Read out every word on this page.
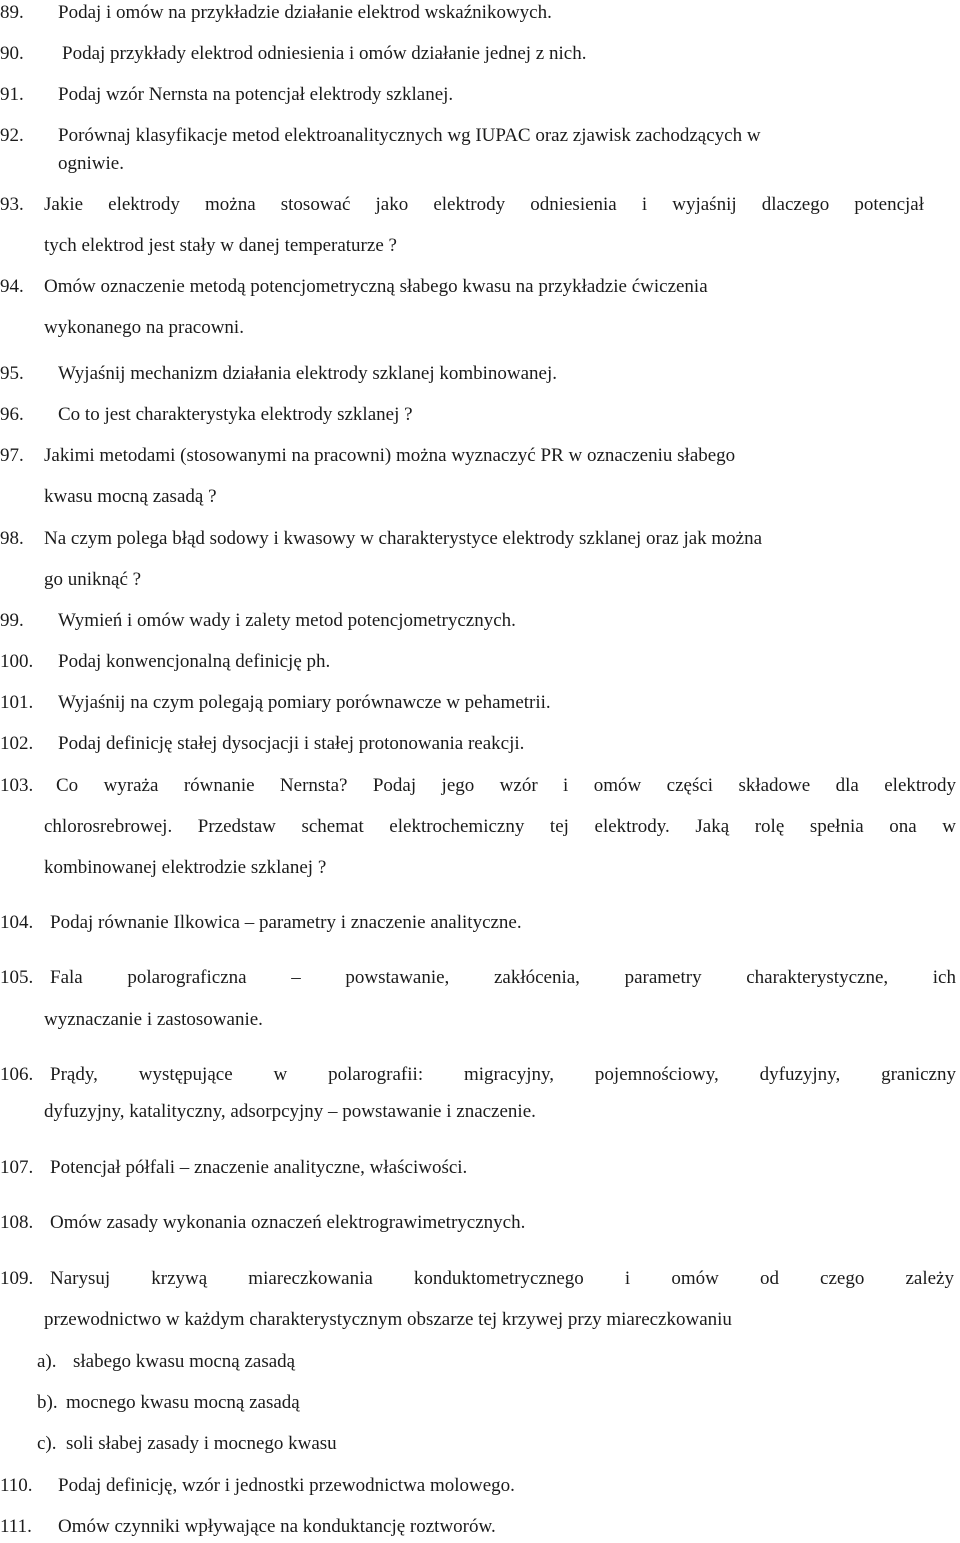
89. Podaj i omów na przykładzie działanie elektrod wskaźnikowych.
90. Podaj przykłady elektrod odniesienia i omów działanie jednej z nich.
91. Podaj wzór Nernsta na potencjał elektrody szklanej.
92. Porównaj klasyfikacje metod elektroanalitycznych wg IUPAC oraz zjawisk zachodzących w
ogniwie.
93. Jakie elektrody można stosować jako elektrody odniesienia i wyjaśnij dlaczego potencjał
tych elektrod jest stały w danej temperaturze ?
94. Omów oznaczenie metodą potencjometryczną słabego kwasu na przykładzie ćwiczenia
wykonanego na pracowni.
95. Wyjaśnij mechanizm działania elektrody szklanej kombinowanej.
96. Co to jest charakterystyka elektrody szklanej ?
97. Jakimi metodami (stosowanymi na pracowni) można wyznaczyć PR w oznaczeniu słabego
kwasu mocną zasadą ?
98. Na czym polega błąd sodowy i kwasowy w charakterystyce elektrody szklanej oraz jak można
go uniknąć ?
99. Wymień i omów wady i zalety metod potencjometrycznych.
100. Podaj konwencjonalną definicję ph.
101. Wyjaśnij na czym polegają pomiary porównawcze w pehametrii.
102. Podaj definicję stałej dysocjacji i stałej protonowania reakcji.
103. Co wyraża równanie Nernsta? Podaj jego wzór i omów części składowe dla elektrody
chlorosrebrowej. Przedstaw schemat elektrochemiczny tej elektrody. Jaką rolę spełnia ona w
kombinowanej elektrodzie szklanej ?
104. Podaj równanie Ilkowica – parametry i znaczenie analityczne.
105. Fala polarograficzna – powstawanie, zakłócenia, parametry charakterystyczne, ich
wyznaczanie i zastosowanie.
106. Prądy, występujące w polarografii: migracyjny, pojemnościowy, dyfuzyjny, graniczny
dyfuzyjny, katalityczny, adsorpcyjny – powstawanie i znaczenie.
107. Potencjał półfali – znaczenie analityczne, właściwości.
108. Omów zasady wykonania oznaczeń elektrograwimetrycznych.
109. Narysuj krzywą miareczkowania konduktometrycznego i omów od czego zależy
przewodnictwo w każdym charakterystycznym obszarze tej krzywej przy miareczkowaniu
a). słabego kwasu mocną zasadą
b). mocnego kwasu mocną zasadą
c). soli słabej zasady i mocnego kwasu
110. Podaj definicję, wzór i jednostki przewodnictwa molowego.
111. Omów czynniki wpływające na konduktancję roztworów.
